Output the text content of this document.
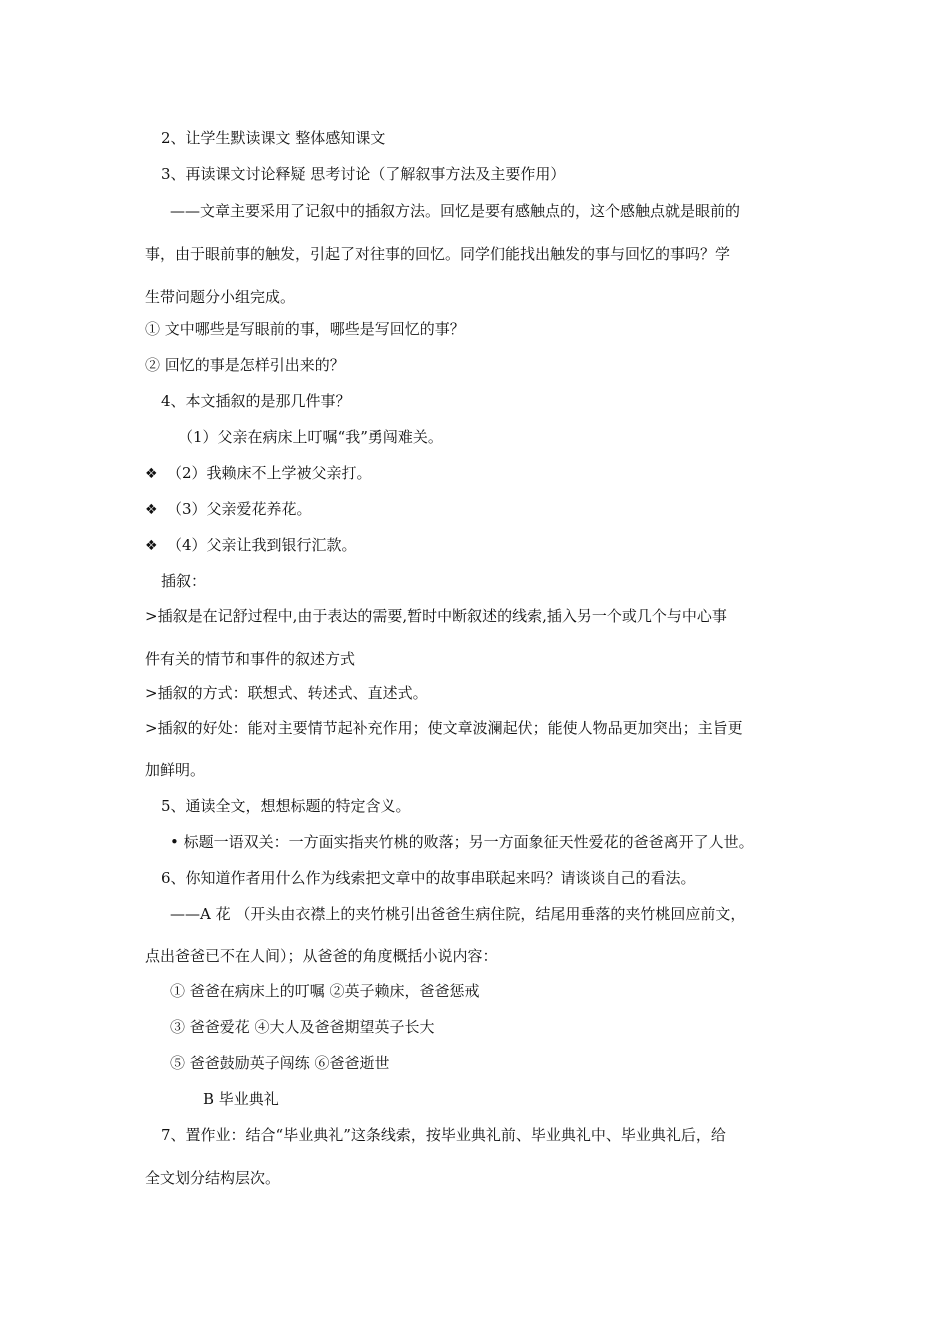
2、让学生默读课文 整体感知课文
3、再读课文讨论释疑 思考讨论（了解叙事方法及主要作用）
——文章主要采用了记叙中的插叙方法。回忆是要有感触点的，这个感触点就是眼前的
事，由于眼前事的触发，引起了对往事的回忆。同学们能找出触发的事与回忆的事吗？学
生带问题分小组完成。
① 文中哪些是写眼前的事，哪些是写回忆的事？
② 回忆的事是怎样引出来的？
4、本文插叙的是那几件事？
（1）父亲在病床上叮嘱“我”勇闯难关。
❖ （2）我赖床不上学被父亲打。
❖ （3）父亲爱花养花。
❖ （4）父亲让我到银行汇款。
插叙：
>插叙是在记舒过程中,由于表达的需要,暂时中断叙述的线索,插入另一个或几个与中心事
件有关的情节和事件的叙述方式
>插叙的方式：联想式、转述式、直述式。
>插叙的好处：能对主要情节起补充作用；使文章波澜起伏；能使人物品更加突出；主旨更
加鲜明。
5、通读全文，想想标题的特定含义。
• 标题一语双关：一方面实指夹竹桃的败落；另一方面象征天性爱花的爸爸离开了人世。
6、你知道作者用什么作为线索把文章中的故事串联起来吗？请谈谈自己的看法。
——A 花 （开头由衣襟上的夹竹桃引出爸爸生病住院，结尾用垂落的夹竹桃回应前文，
点出爸爸已不在人间）；从爸爸的角度概括小说内容：
① 爸爸在病床上的叮嘱 ②英子赖床，爸爸惩戒
③ 爸爸爱花 ④大人及爸爸期望英子长大
⑤ 爸爸鼓励英子闯练 ⑥爸爸逝世
B 毕业典礼
7、置作业：结合“毕业典礼”这条线索，按毕业典礼前、毕业典礼中、毕业典礼后，给
全文划分结构层次。
